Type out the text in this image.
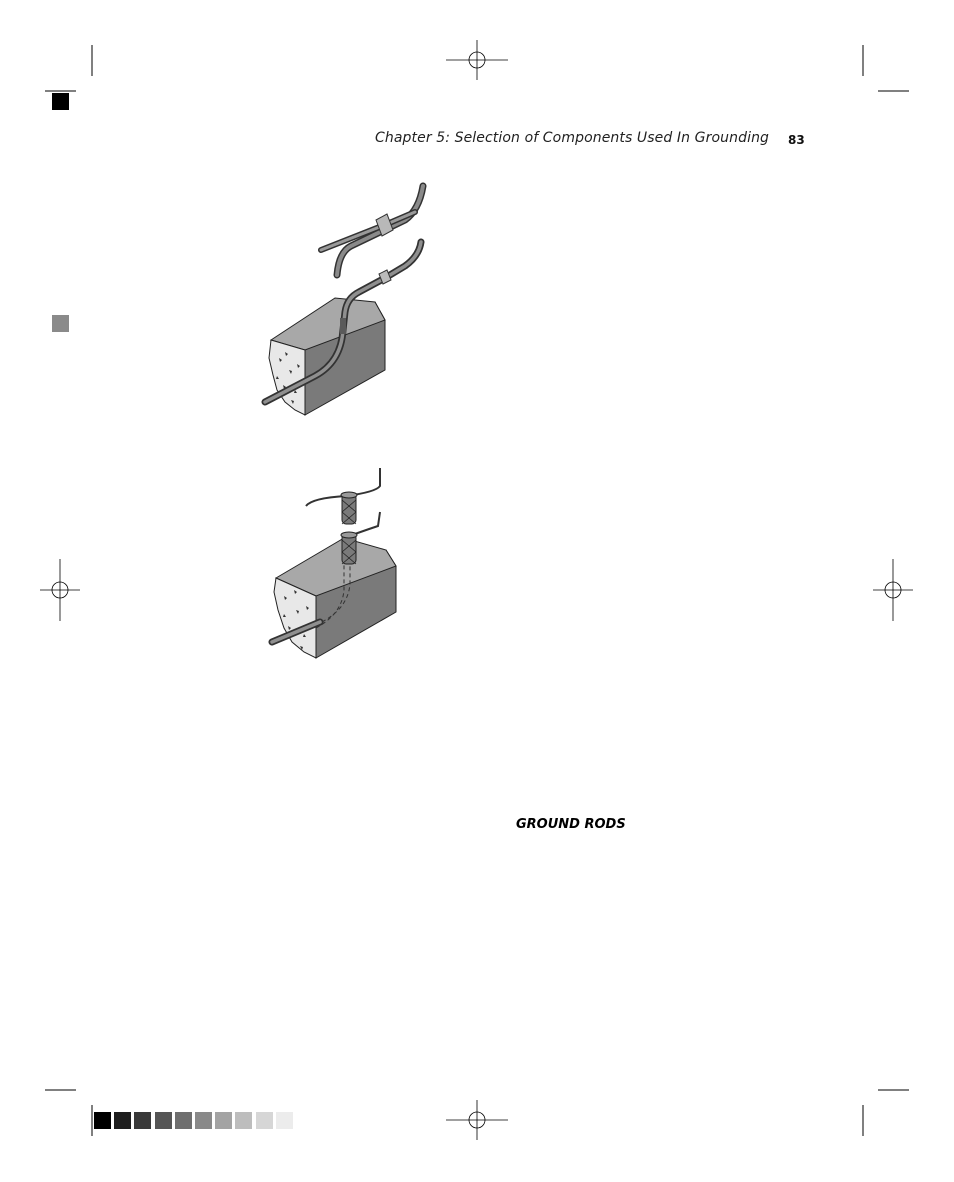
Chapter 5: Selection of Components Used In Grounding 83
GROUND RODS
